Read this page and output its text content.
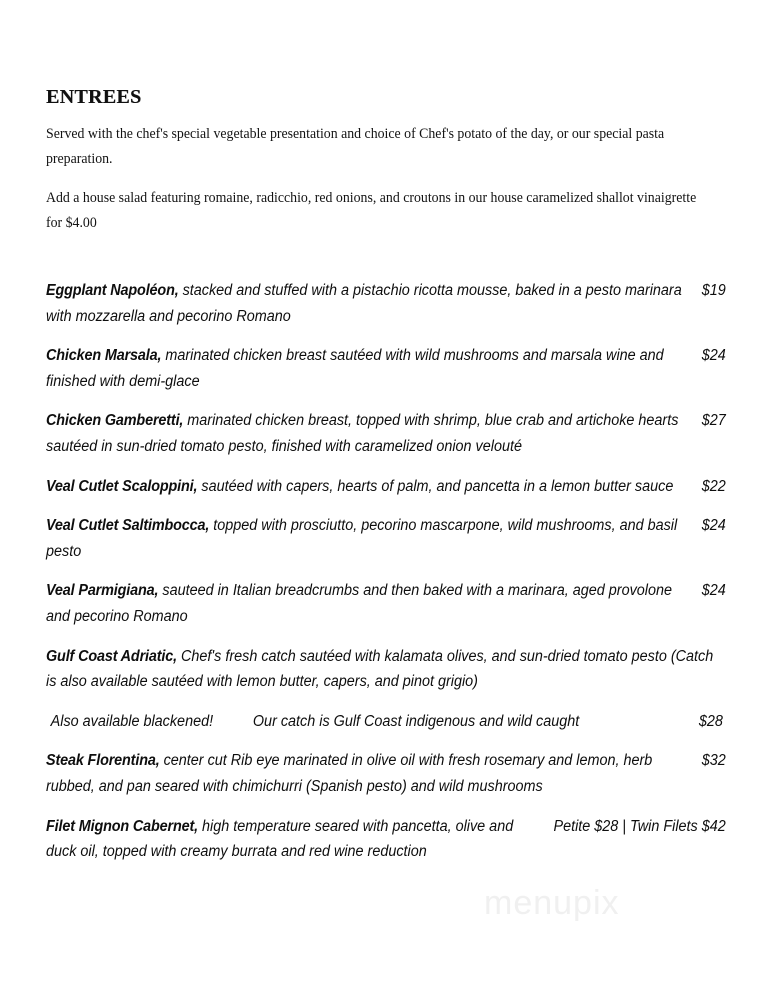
ENTREES

Served with the chef's special vegetable presentation and choice of Chef's potato of the day, or our special pasta preparation.

Add a house salad featuring romaine, radicchio, red onions, and croutons in our house caramelized shallot vinaigrette for $4.00

$19
Eggplant Napoléon, stacked and stuffed with a pistachio ricotta mousse, baked in a pesto marinara with mozzarella and pecorino Romano
$24
Chicken Marsala, marinated chicken breast sautéed with wild mushrooms and marsala wine and finished with demi-glace
$27
Chicken Gamberetti, marinated chicken breast, topped with shrimp, blue crab and artichoke hearts sautéed in sun-dried tomato pesto, finished with caramelized onion velouté
$22
Veal Cutlet Scaloppini, sautéed with capers, hearts of palm, and pancetta in a lemon butter sauce
$24
Veal Cutlet Saltimbocca, topped with prosciutto, pecorino mascarpone, wild mushrooms, and basil pesto
$24
Veal Parmigiana, sauteed in Italian breadcrumbs and then baked with a marinara, aged provolone and pecorino Romano
Gulf Coast Adriatic, Chef's fresh catch sautéed with kalamata olives, and sun-dried tomato pesto (Catch is also available sautéed with lemon butter, capers, and pinot grigio)
$28
Also available blackened!	Our catch is Gulf Coast indigenous and wild caught
$32
Steak Florentina, center cut Rib eye marinated in olive oil with fresh rosemary and lemon, herb rubbed, and pan seared with chimichurri (Spanish pesto) and wild mushrooms
Petite $28 | Twin Filets $42
Filet Mignon Cabernet, high temperature seared with pancetta, olive and duck oil, topped with creamy burrata and red wine reduction
menupix
